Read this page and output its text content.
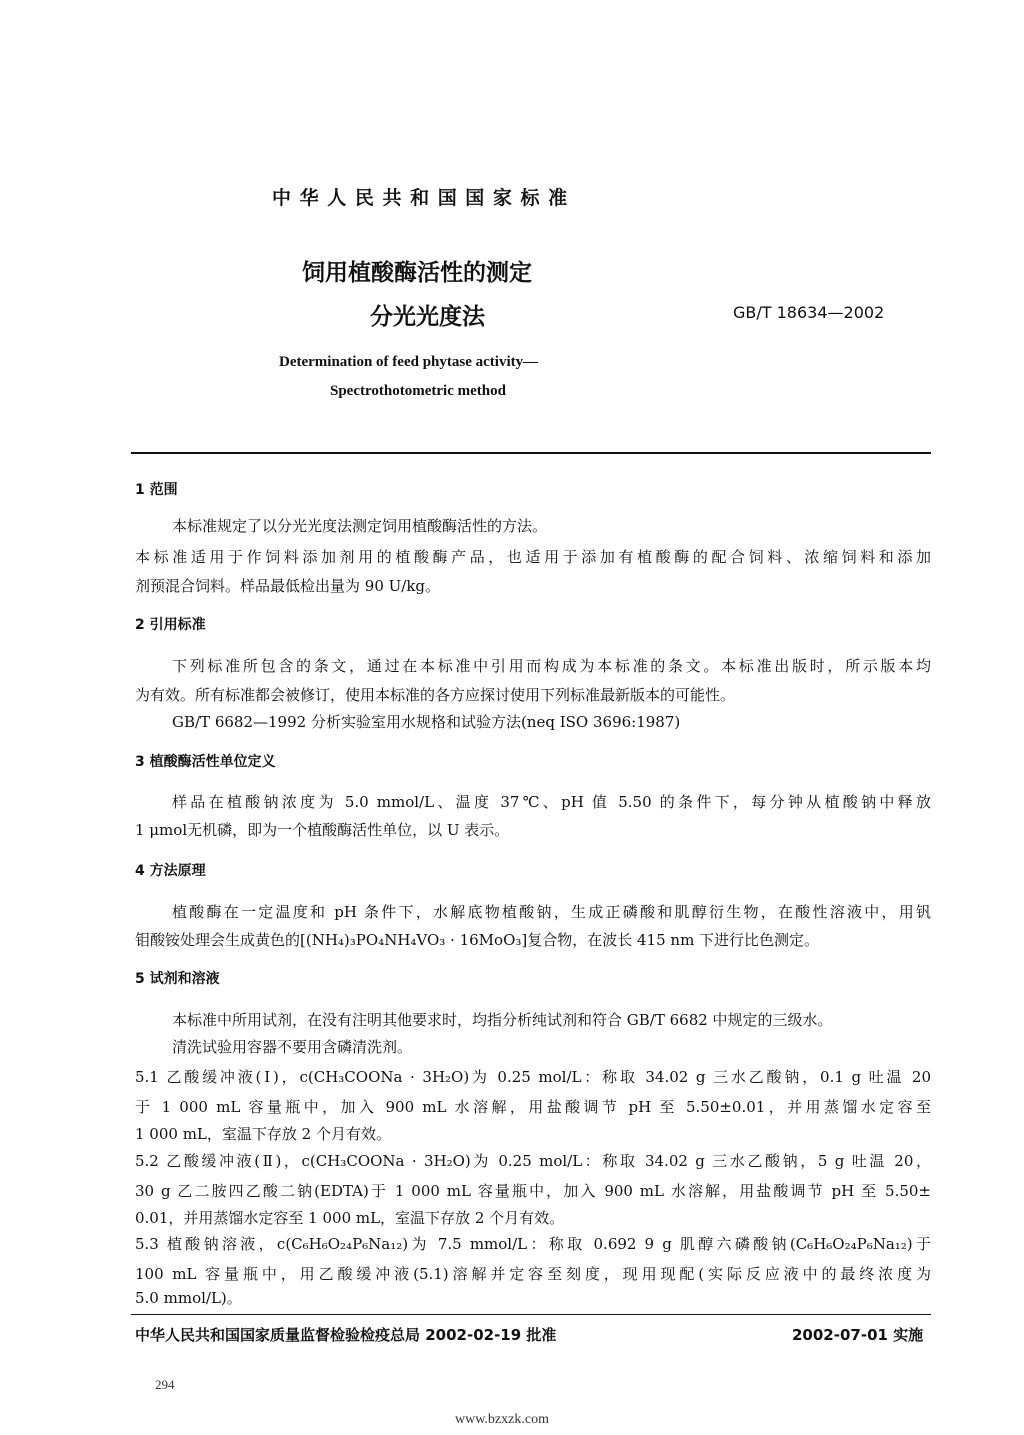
中 华 人 民 共 和 国 国 家 标 准
饲用植酸酶活性的测定
分光光度法	GB/T 18634—2002
Determination of feed phytase activity—
Spectrothotometric method
1 范围
本标准规定了以分光光度法测定饲用植酸酶活性的方法。
本标准适用于作饲料添加剂用的植酸酶产品，也适用于添加有植酸酶的配合饲料、浓缩饲料和添加
剂预混合饲料。样品最低检出量为 90 U/kg。
2 引用标准
下列标准所包含的条文，通过在本标准中引用而构成为本标准的条文。本标准出版时，所示版本均
为有效。所有标准都会被修订，使用本标准的各方应探讨使用下列标准最新版本的可能性。
GB/T 6682—1992 分析实验室用水规格和试验方法(neq ISO 3696:1987)
3 植酸酶活性单位定义
样品在植酸钠浓度为 5.0 mmol/L、温度 37℃、pH 值 5.50 的条件下，每分钟从植酸钠中释放
1 μmol无机磷，即为一个植酸酶活性单位，以 U 表示。
4 方法原理
植酸酶在一定温度和 pH 条件下，水解底物植酸钠，生成正磷酸和肌醇衍生物，在酸性溶液中，用钒
钼酸铵处理会生成黄色的[(NH₄)₃PO₄NH₄VO₃ · 16MoO₃]复合物，在波长 415 nm 下进行比色测定。
5 试剂和溶液
本标准中所用试剂，在没有注明其他要求时，均指分析纯试剂和符合 GB/T 6682 中规定的三级水。
清洗试验用容器不要用含磷清洗剂。
5.1 乙酸缓冲液(Ⅰ)，c(CH₃COONa · 3H₂O)为 0.25 mol/L：称取 34.02 g 三水乙酸钠，0.1 g 吐温 20
于 1 000 mL 容量瓶中，加入 900 mL 水溶解，用盐酸调节 pH 至 5.50±0.01，并用蒸馏水定容至
1 000 mL，室温下存放 2 个月有效。
5.2 乙酸缓冲液(Ⅱ)，c(CH₃COONa · 3H₂O)为 0.25 mol/L：称取 34.02 g 三水乙酸钠，5 g 吐温 20，
30 g 乙二胺四乙酸二钠(EDTA)于 1 000 mL 容量瓶中，加入 900 mL 水溶解，用盐酸调节 pH 至 5.50±
0.01，并用蒸馏水定容至 1 000 mL，室温下存放 2 个月有效。
5.3 植酸钠溶液，c(C₆H₆O₂₄P₆Na₁₂)为 7.5 mmol/L：称取 0.692 9 g 肌醇六磷酸钠(C₆H₆O₂₄P₆Na₁₂)于
100 mL 容量瓶中，用乙酸缓冲液(5.1)溶解并定容至刻度，现用现配(实际反应液中的最终浓度为
5.0 mmol/L)。
中华人民共和国国家质量监督检验检疫总局 2002-02-19 批准	2002-07-01 实施
294
www.bzxzk.com
